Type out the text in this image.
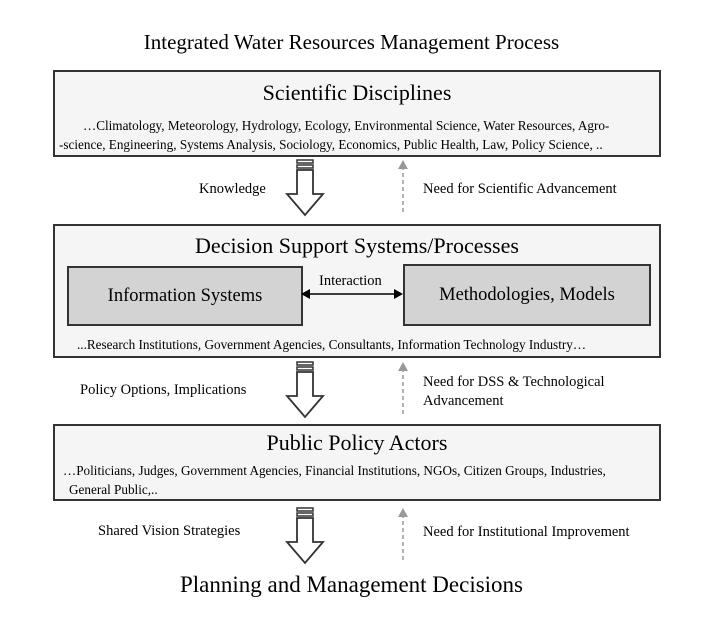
Integrated Water Resources Management Process
Scientific Disciplines
…Climatology, Meteorology, Hydrology, Ecology, Environmental Science, Water Resources, Agro-
-science, Engineering, Systems Analysis, Sociology, Economics, Public Health, Law, Policy Science, ..
Knowledge	Need for Scientific Advancement
Decision Support Systems/Processes
Information Systems	Methodologies, Models
...Research Institutions, Government Agencies, Consultants, Information Technology Industry…
Interaction
Policy Options, Implications	Need for DSS & Technological
Advancement
Public Policy Actors
…Politicians, Judges, Government Agencies, Financial Institutions, NGOs, Citizen Groups, Industries,
General Public,..
Shared Vision Strategies	Need for Institutional Improvement
Planning and Management Decisions
